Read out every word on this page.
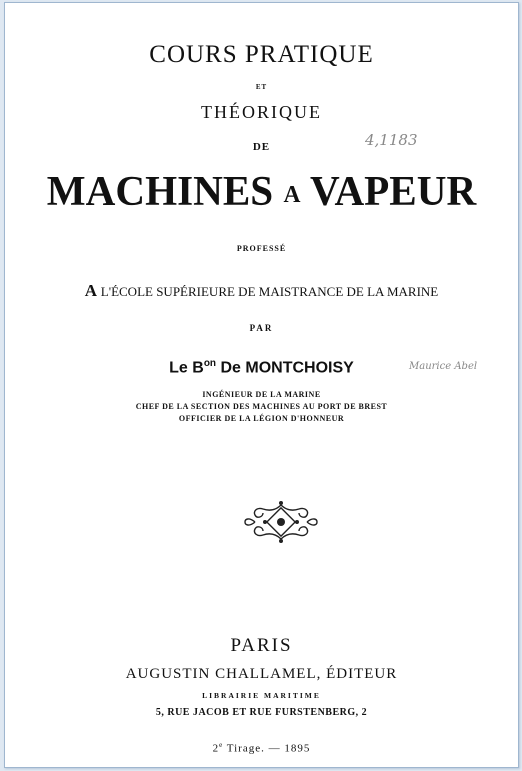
COURS PRATIQUE
ET
THÉORIQUE
DE	4,1183
MACHINES A VAPEUR
PROFESSÉ
A L'ÉCOLE SUPÉRIEURE DE MAISTRANCE DE LA MARINE
PAR
Le $B^{on}$ De MONTCHOISY	Maurice Abel
INGÉNIEUR DE LA MARINE
CHEF DE LA SECTION DES MACHINES AU PORT DE BREST
OFFICIER DE LA LÉGION D'HONNEUR
PARIS
AUGUSTIN CHALLAMEL, ÉDITEUR
LIBRAIRIE MARITIME
5, RUE JACOB ET RUE FURSTENBERG, 2
2e Tirage. — 1895
